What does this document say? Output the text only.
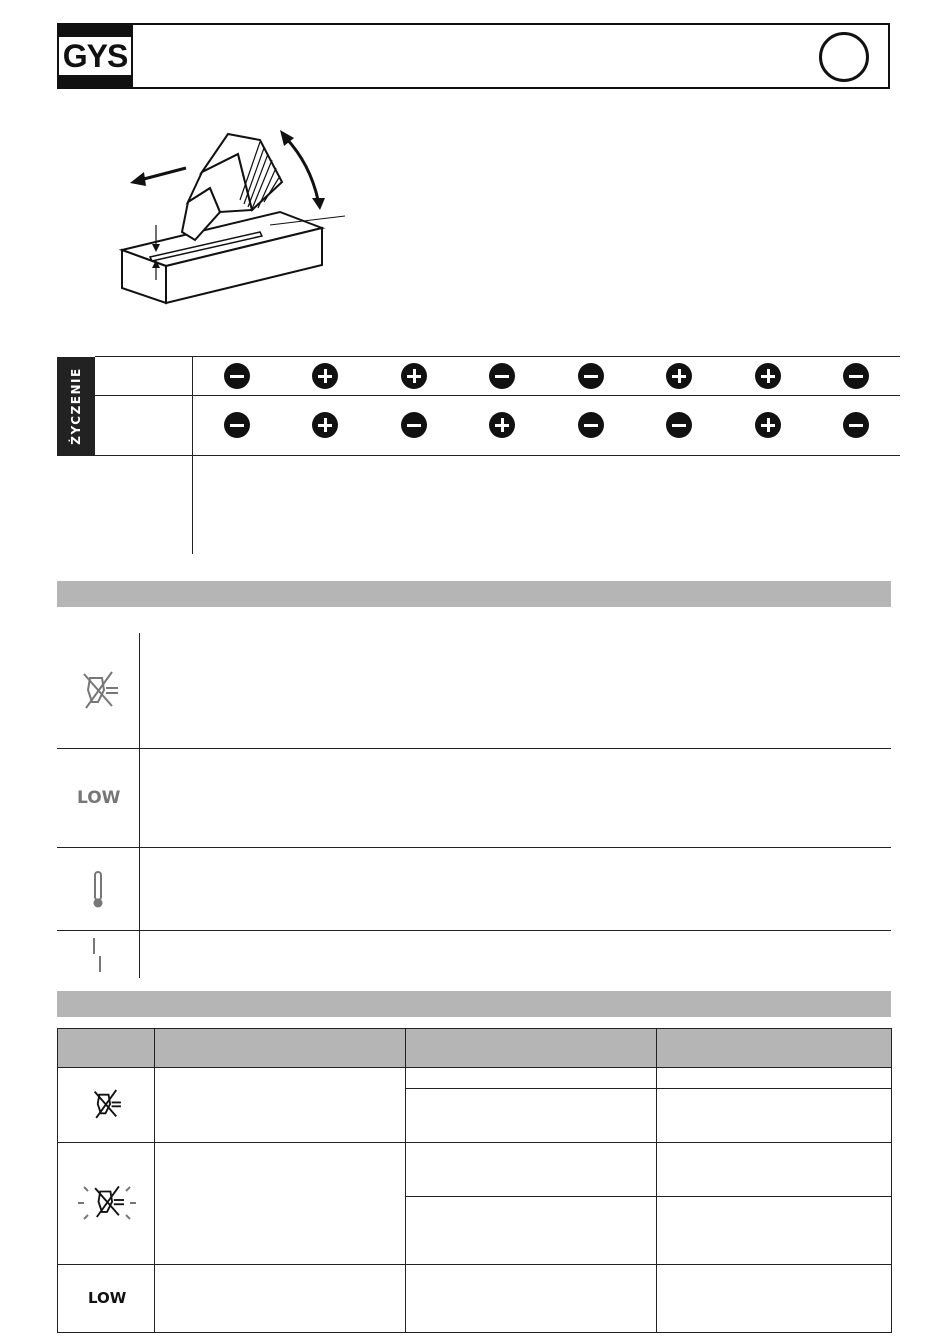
GYS
ŻYCZENIE
LOW
LOW
